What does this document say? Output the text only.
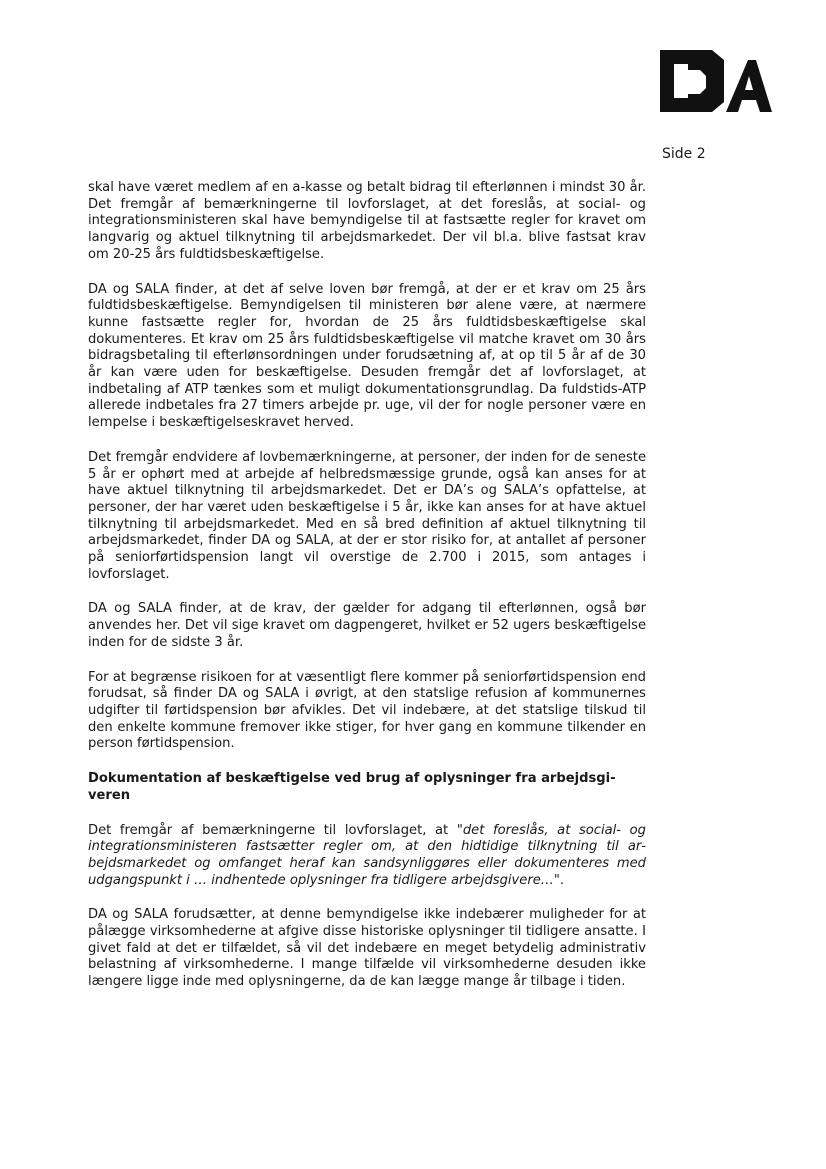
Side 2

skal have været medlem af en a-kasse og betalt bidrag til efterlønnen i mindst 30 år. Det fremgår af bemærkningerne til lovforslaget, at det foreslås, at social- og integrationsministeren skal have bemyndigelse til at fastsætte regler for kravet om langvarig og aktuel tilknytning til arbejdsmarkedet. Der vil bl.a. blive fastsat krav om 20-25 års fuldtidsbeskæftigelse.

DA og SALA finder, at det af selve loven bør fremgå, at der er et krav om 25 års fuldtidsbeskæftigelse. Bemyndigelsen til ministeren bør alene være, at nærmere kunne fastsætte regler for, hvordan de 25 års fuldtidsbeskæftigelse skal dokumenteres. Et krav om 25 års fuldtidsbeskæftigelse vil matche kravet om 30 års bidragsbetaling til efterlønsordningen under forudsætning af, at op til 5 år af de 30 år kan være uden for beskæftigelse. Desuden fremgår det af lovforslaget, at indbetaling af ATP tænkes som et muligt dokumentationsgrundlag. Da fuldstids-ATP allerede indbetales fra 27 timers arbejde pr. uge, vil der for nogle personer være en lempelse i beskæftigelseskravet herved.

Det fremgår endvidere af lovbemærkningerne, at personer, der inden for de seneste 5 år er ophørt med at arbejde af helbredsmæssige grunde, også kan anses for at have aktuel tilknytning til arbejdsmarkedet. Det er DA’s og SALA’s opfattelse, at personer, der har været uden beskæftigelse i 5 år, ikke kan anses for at have aktuel tilknytning til arbejdsmarkedet. Med en så bred definition af aktuel tilknytning til arbejdsmarkedet, finder DA og SALA, at der er stor risiko for, at antallet af personer på seniorførtidspension langt vil overstige de 2.700 i 2015, som antages i lovforslaget.

DA og SALA finder, at de krav, der gælder for adgang til efterlønnen, også bør anvendes her. Det vil sige kravet om dagpengeret, hvilket er 52 ugers beskæftigelse inden for de sidste 3 år.

For at begrænse risikoen for at væsentligt flere kommer på seniorførtidspension end forudsat, så finder DA og SALA i øvrigt, at den statslige refusion af kommunernes udgifter til førtidspension bør afvikles. Det vil indebære, at det statslige tilskud til den enkelte kommune fremover ikke stiger, for hver gang en kommune tilkender en person førtidspension.

Dokumentation af beskæftigelse ved brug af oplysninger fra arbejdsgiveren

Det fremgår af bemærkningerne til lovforslaget, at "det foreslås, at social- og integrationsministeren fastsætter regler om, at den hidtidige tilknytning til arbejdsmarkedet og omfanget heraf kan sandsynliggøres eller dokumenteres med udgangspunkt i … indhentede oplysninger fra tidligere arbejdsgivere…".

DA og SALA forudsætter, at denne bemyndigelse ikke indebærer muligheder for at pålægge virksomhederne at afgive disse historiske oplysninger til tidligere ansatte. I givet fald at det er tilfældet, så vil det indebære en meget betydelig administrativ belastning af virksomhederne. I mange tilfælde vil virksomhederne desuden ikke længere ligge inde med oplysningerne, da de kan lægge mange år tilbage i tiden.
